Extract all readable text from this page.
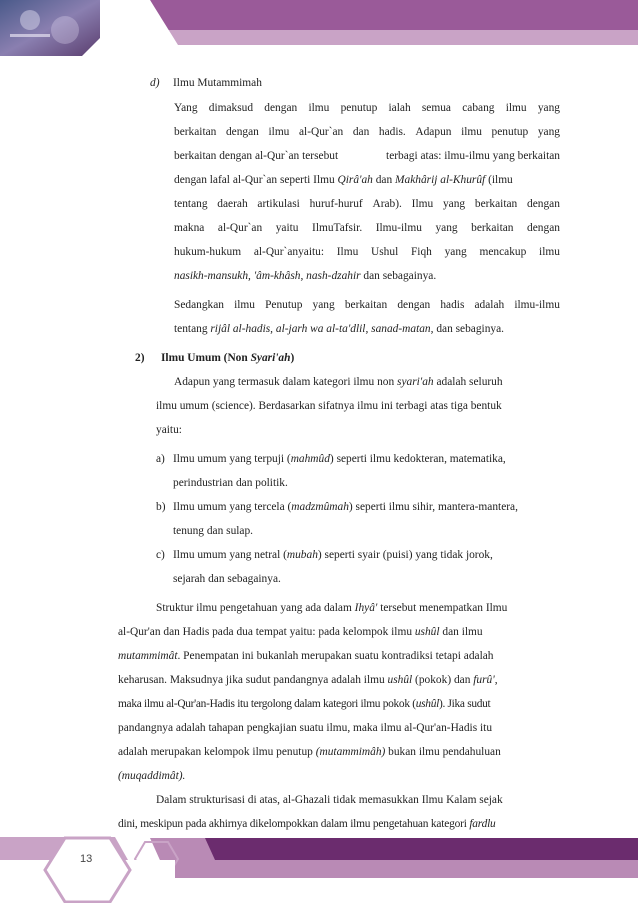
d) Ilmu Mutammimah
Yang dimaksud dengan ilmu penutup ialah semua cabang ilmu yang
berkaitan dengan ilmu al-Qur`an dan hadis. Adapun ilmu penutup yang
berkaitan dengan al-Qur`an tersebut	terbagi atas: ilmu-ilmu yang berkaitan
dengan lafal al-Qur`an seperti Ilmu Qirâ'ah dan Makhârij al-Khurûf (ilmu
tentang daerah artikulasi huruf-huruf Arab). Ilmu yang berkaitan dengan
makna al-Qur`an yaitu IlmuTafsir. Ilmu-ilmu yang berkaitan dengan
hukum-hukum al-Qur`anyaitu: Ilmu Ushul Fiqh yang mencakup ilmu
nasikh-mansukh, 'âm-khâsh, nash-dzahir dan sebagainya.
Sedangkan ilmu Penutup yang berkaitan dengan hadis adalah ilmu-ilmu
tentang rijâl al-hadis, al-jarh wa al-ta'dlil, sanad-matan, dan sebaginya.
2) Ilmu Umum (Non Syari'ah)
Adapun yang termasuk dalam kategori ilmu non syari'ah adalah seluruh
ilmu umum (science). Berdasarkan sifatnya ilmu ini terbagi atas tiga bentuk
yaitu:
a) Ilmu umum yang terpuji (mahmûd) seperti ilmu kedokteran, matematika,
perindustrian dan politik.
b) Ilmu umum yang tercela (madzmûmah) seperti ilmu sihir, mantera-mantera,
tenung dan sulap.
c) Ilmu umum yang netral (mubah) seperti syair (puisi) yang tidak jorok,
sejarah dan sebagainya.
Struktur ilmu pengetahuan yang ada dalam Ihyâ' tersebut menempatkan Ilmu
al-Qur'an dan Hadis pada dua tempat yaitu: pada kelompok ilmu ushûl dan ilmu
mutammimât. Penempatan ini bukanlah merupakan suatu kontradiksi tetapi adalah
keharusan. Maksudnya jika sudut pandangnya adalah ilmu ushûl (pokok) dan furû',
maka ilmu al-Qur'an-Hadis itu tergolong dalam kategori ilmu pokok (ushûl). Jika sudut
pandangnya adalah tahapan pengkajian suatu ilmu, maka ilmu al-Qur'an-Hadis itu
adalah merupakan kelompok ilmu penutup (mutammimâh) bukan ilmu pendahuluan
(muqaddimât).
Dalam strukturisasi di atas, al-Ghazali tidak memasukkan Ilmu Kalam sejak
dini, meskipun pada akhirnya dikelompokkan dalam ilmu pengetahuan kategori fardlu
13
